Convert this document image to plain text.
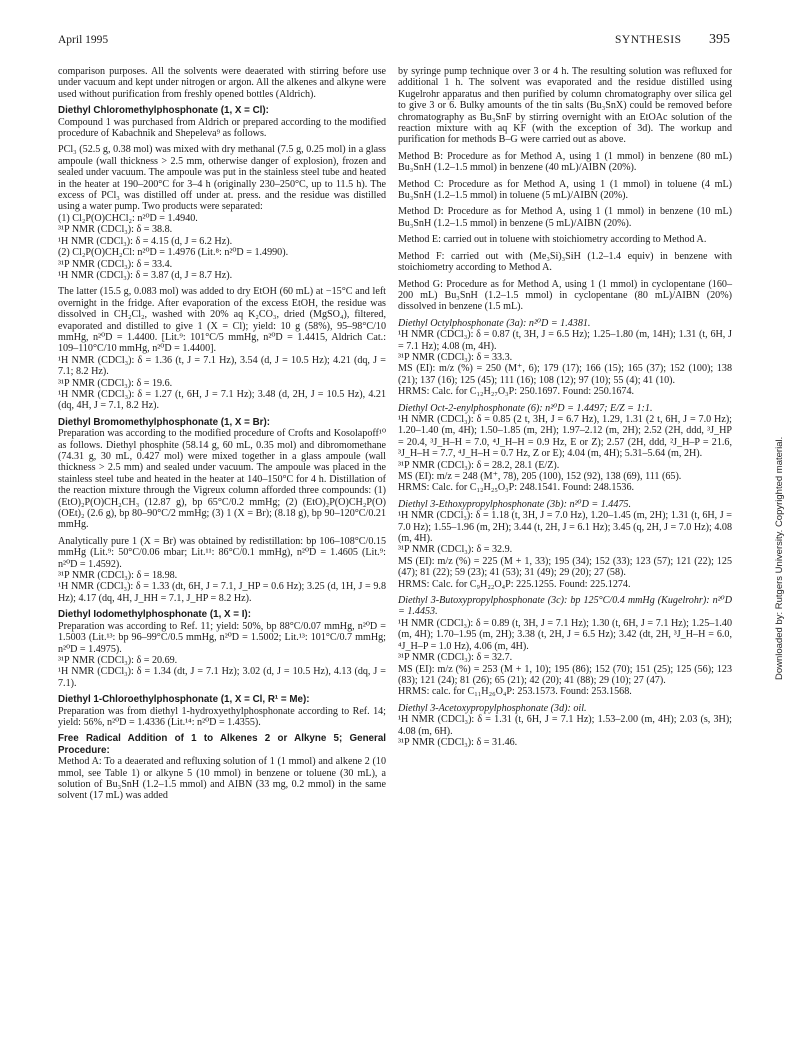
April 1995	SYNTHESIS 395
comparison purposes. All the solvents were deaerated with stirring before use under vacuum and kept under nitrogen or argon. All the alkenes and alkyne were used without purification from freshly opened bottles (Aldrich).
Diethyl Chloromethylphosphonate (1, X = Cl):
Compound 1 was purchased from Aldrich or prepared according to the modified procedure of Kabachnik and Shepeleva⁹ as follows.
PCl₃ (52.5 g, 0.38 mol) was mixed with dry methanal (7.5 g, 0.25 mol) in a glass ampoule (wall thickness > 2.5 mm, otherwise danger of explosion), frozen and sealed under vacuum. The ampoule was put in the stainless steel tube and heated in the heater at 190–200°C for 3–4 h (originally 230–250°C, up to 11.5 h). The excess of PCl₃ was distilled off under at. press. and the residue was distilled using a water pump. Two products were separated:
(1) Cl₂P(O)CHCl₂: n²⁰D = 1.4940.
³¹P NMR (CDCl₃): δ = 38.8.
¹H NMR (CDCl₃): δ = 4.15 (d, J = 6.2 Hz).
(2) Cl₂P(O)CH₂Cl: n²⁰D = 1.4976 (Lit.⁸: n²⁰D = 1.4990).
³¹P NMR (CDCl₃): δ = 33.4.
¹H NMR (CDCl₃): δ = 3.87 (d, J = 8.7 Hz).
The latter (15.5 g, 0.083 mol) was added to dry EtOH (60 mL) at −15°C and left overnight in the fridge. After evaporation of the excess EtOH, the residue was dissolved in CH₂Cl₂, washed with 20% aq K₂CO₃, dried (MgSO₄), filtered, evaporated and distilled to give 1 (X = Cl); yield: 10 g (58%), 95–98°C/10 mmHg, n²⁰D = 1.4400. [Lit.⁹: 101°C/5 mmHg, n²⁰D = 1.4415, Aldrich Cat.: 109–110°C/10 mmHg, n²⁰D = 1.4400].
¹H NMR (CDCl₃): δ = 1.36 (t, J = 7.1 Hz), 3.54 (d, J = 10.5 Hz); 4.21 (dq, J = 7.1; 8.2 Hz).
³¹P NMR (CDCl₃): δ = 19.6.
¹H NMR (CDCl₃): δ = 1.27 (t, 6H, J = 7.1 Hz); 3.48 (d, 2H, J = 10.5 Hz), 4.21 (dq, 4H, J = 7.1, 8.2 Hz).
Diethyl Bromomethylphosphonate (1, X = Br):
Preparation was according to the modified procedure of Crofts and Kosolapoff¹⁰ as follows. Diethyl phosphite (58.14 g, 60 mL, 0.35 mol) and dibromomethane (74.31 g, 30 mL, 0.427 mol) were mixed together in a glass ampoule (wall thickness > 2.5 mm) and sealed under vacuum. The ampoule was placed in the stainless steel tube and heated in the heater at 140–150°C for 4 h. Distillation of the reaction mixture through the Vigreux column afforded three compounds: (1) (EtO)₂P(O)CH₂CH₃ (12.87 g), bp 65°C/0.2 mmHg; (2) (EtO)₂P(O)CH₂P(O)(OEt)₂ (2.6 g), bp 80–90°C/2 mmHg; (3) 1 (X = Br); (8.18 g), bp 90–120°C/0.21 mmHg.
Analytically pure 1 (X = Br) was obtained by redistillation: bp 106–108°C/0.15 mmHg (Lit.⁹: 50°C/0.06 mbar; Lit.¹¹: 86°C/0.1 mmHg), n²⁰D = 1.4605 (Lit.⁹: n²⁰D = 1.4592).
³¹P NMR (CDCl₃): δ = 18.98.
¹H NMR (CDCl₃): δ = 1.33 (dt, 6H, J = 7.1, J_HP = 0.6 Hz); 3.25 (d, 1H, J = 9.8 Hz); 4.17 (dq, 4H, J_HH = 7.1, J_HP = 8.2 Hz).
Diethyl Iodomethylphosphonate (1, X = I):
Preparation was according to Ref. 11; yield: 50%, bp 88°C/0.07 mmHg, n²⁰D = 1.5003 (Lit.¹³: bp 96–99°C/0.5 mmHg, n²⁰D = 1.5002; Lit.¹³: 101°C/0.7 mmHg; n²⁰D = 1.4975).
³¹P NMR (CDCl₃): δ = 20.69.
¹H NMR (CDCl₃): δ = 1.34 (dt, J = 7.1 Hz); 3.02 (d, J = 10.5 Hz), 4.13 (dq, J = 7.1).
Diethyl 1-Chloroethylphosphonate (1, X = Cl, R¹ = Me):
Preparation was from diethyl 1-hydroxyethylphosphonate according to Ref. 14; yield: 56%, n²⁰D = 1.4336 (Lit.¹⁴: n²⁰D = 1.4355).
Free Radical Addition of 1 to Alkenes 2 or Alkyne 5; General Procedure:
Method A: To a deaerated and refluxing solution of 1 (1 mmol) and alkene 2 (10 mmol, see Table 1) or alkyne 5 (10 mmol) in benzene or toluene (30 mL), a solution of Bu₃SnH (1.2–1.5 mmol) and AIBN (33 mg, 0.2 mmol) in the same solvent (17 mL) was added
by syringe pump technique over 3 or 4 h. The resulting solution was refluxed for additional 1 h. The solvent was evaporated and the residue distilled using Kugelrohr apparatus and then purified by column chromatography over silica gel to give 3 or 6. Bulky amounts of the tin salts (Bu₃SnX) could be removed before chromatography as Bu₃SnF by stirring overnight with an EtOAc solution of the reaction mixture with aq KF (with the exception of 3d). The workup and purification for methods B–G were carried out as above.
Method B: Procedure as for Method A, using 1 (1 mmol) in benzene (80 mL) Bu₃SnH (1.2–1.5 mmol) in benzene (40 mL)/AIBN (20%).
Method C: Procedure as for Method A, using 1 (1 mmol) in toluene (4 mL) Bu₃SnH (1.2–1.5 mmol) in toluene (5 mL)/AIBN (20%).
Method D: Procedure as for Method A, using 1 (1 mmol) in benzene (10 mL) Bu₃SnH (1.2–1.5 mmol) in benzene (5 mL)/AIBN (20%).
Method E: carried out in toluene with stoichiometry according to Method A.
Method F: carried out with (Me₃Si)₃SiH (1.2–1.4 equiv) in benzene with stoichiometry according to Method A.
Method G: Procedure as for Method A, using 1 (1 mmol) in cyclopentane (160–200 mL) Bu₃SnH (1.2–1.5 mmol) in cyclopentane (80 mL)/AIBN (20%) dissolved in benzene (1.5 mL).
Diethyl Octylphosphonate (3a): n²⁰D = 1.4381.
¹H NMR (CDCl₃): δ = 0.87 (t, 3H, J = 6.5 Hz); 1.25–1.80 (m, 14H); 1.31 (t, 6H, J = 7.1 Hz); 4.08 (m, 4H).
³¹P NMR (CDCl₃): δ = 33.3.
MS (EI): m/z (%) = 250 (M⁺, 6); 179 (17); 166 (15); 165 (37); 152 (100); 138 (21); 137 (16); 125 (45); 111 (16); 108 (12); 97 (10); 55 (4); 41 (10).
HRMS: Calc. for C₁₂H₂₇O₃P: 250.1697. Found: 250.1674.
Diethyl Oct-2-enylphosphonate (6): n²⁰D = 1.4497; E/Z = 1:1.
¹H NMR (CDCl₃): δ = 0.85 (2 t, 3H, J = 6.7 Hz), 1.29, 1.31 (2 t, 6H, J = 7.0 Hz); 1.20–1.40 (m, 4H); 1.50–1.85 (m, 2H); 1.97–2.12 (m, 2H); 2.52 (2H, ddd, ³J_HP = 20.4, ³J_H–H = 7.0, ⁴J_H–H = 0.9 Hz, E or Z); 2.57 (2H, ddd, ²J_H–P = 21.6, ³J_H–H = 7.7, ⁴J_H–H = 0.7 Hz, Z or E); 4.04 (m, 4H); 5.31–5.64 (m, 2H).
³¹P NMR (CDCl₃): δ = 28.2, 28.1 (E/Z).
MS (EI): m/z = 248 (M⁺, 78), 205 (100), 152 (92), 138 (69), 111 (65).
HRMS: Calc. for C₁₂H₂₅O₃P: 248.1541. Found: 248.1536.
Diethyl 3-Ethoxypropylphosphonate (3b): n²⁰D = 1.4475.
¹H NMR (CDCl₃): δ = 1.18 (t, 3H, J = 7.0 Hz), 1.20–1.45 (m, 2H); 1.31 (t, 6H, J = 7.0 Hz); 1.55–1.96 (m, 2H); 3.44 (t, 2H, J = 6.1 Hz); 3.45 (q, 2H, J = 7.0 Hz); 4.08 (m, 4H).
³¹P NMR (CDCl₃): δ = 32.9.
MS (EI): m/z (%) = 225 (M + 1, 33); 195 (34); 152 (33); 123 (57); 121 (22); 125 (47); 81 (22); 59 (23); 41 (53); 31 (49); 29 (20); 27 (58).
HRMS: Calc. for C₉H₂₂O₄P: 225.1255. Found: 225.1274.
Diethyl 3-Butoxypropylphosphonate (3c): bp 125°C/0.4 mmHg (Kugelrohr): n²⁰D = 1.4453.
¹H NMR (CDCl₃): δ = 0.89 (t, 3H, J = 7.1 Hz); 1.30 (t, 6H, J = 7.1 Hz); 1.25–1.40 (m, 4H); 1.70–1.95 (m, 2H); 3.38 (t, 2H, J = 6.5 Hz); 3.42 (dt, 2H, ³J_H–H = 6.0, ⁴J_H–P = 1.0 Hz), 4.06 (m, 4H).
³¹P NMR (CDCl₃): δ = 32.7.
MS (EI): m/z (%) = 253 (M + 1, 10); 195 (86); 152 (70); 151 (25); 125 (56); 123 (83); 121 (24); 81 (26); 65 (21); 42 (20); 41 (88); 29 (10); 27 (47).
HRMS: calc. for C₁₁H₂₆O₄P: 253.1573. Found: 253.1568.
Diethyl 3-Acetoxypropylphosphonate (3d): oil.
¹H NMR (CDCl₃): δ = 1.31 (t, 6H, J = 7.1 Hz); 1.53–2.00 (m, 4H); 2.03 (s, 3H); 4.08 (m, 6H).
³¹P NMR (CDCl₃): δ = 31.46.
Downloaded by: Rutgers University. Copyrighted material.
